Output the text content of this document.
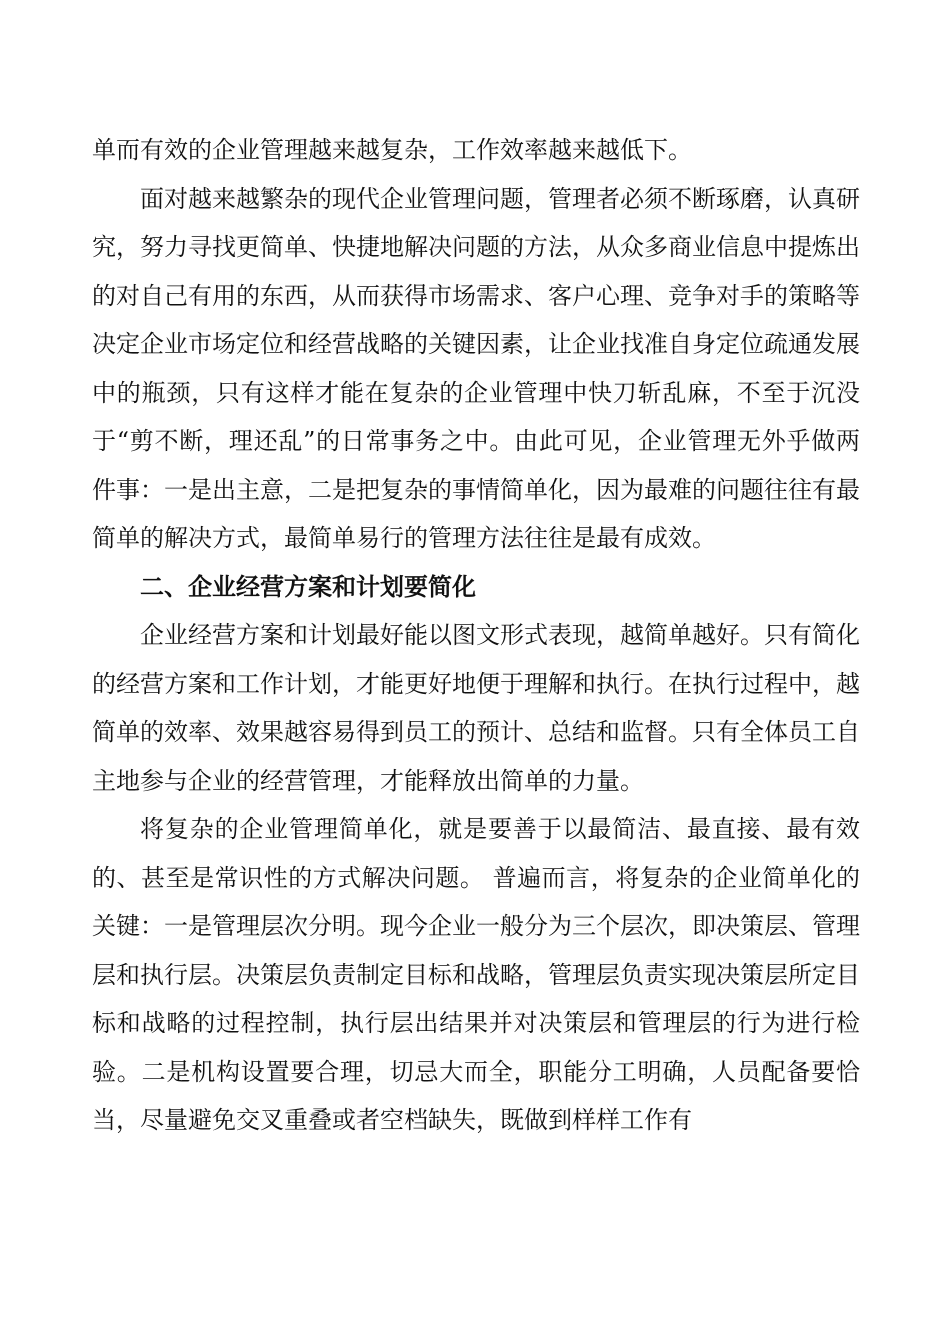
单而有效的企业管理越来越复杂，工作效率越来越低下。

面对越来越繁杂的现代企业管理问题，管理者必须不断琢磨，认真研究，努力寻找更简单、快捷地解决问题的方法，从众多商业信息中提炼出的对自己有用的东西，从而获得市场需求、客户心理、竞争对手的策略等决定企业市场定位和经营战略的关键因素，让企业找准自身定位疏通发展中的瓶颈，只有这样才能在复杂的企业管理中快刀斩乱麻，不至于沉没于“剪不断，理还乱”的日常事务之中。由此可见，企业管理无外乎做两件事：一是出主意，二是把复杂的事情简单化，因为最难的问题往往有最简单的解决方式，最简单易行的管理方法往往是最有成效。

二、企业经营方案和计划要简化

企业经营方案和计划最好能以图文形式表现，越简单越好。只有简化的经营方案和工作计划，才能更好地便于理解和执行。在执行过程中，越简单的效率、效果越容易得到员工的预计、总结和监督。只有全体员工自主地参与企业的经营管理，才能释放出简单的力量。

将复杂的企业管理简单化，就是要善于以最简洁、最直接、最有效的、甚至是常识性的方式解决问题。 普遍而言，将复杂的企业简单化的关键：一是管理层次分明。现今企业一般分为三个层次，即决策层、管理层和执行层。决策层负责制定目标和战略，管理层负责实现决策层所定目标和战略的过程控制，执行层出结果并对决策层和管理层的行为进行检验。二是机构设置要合理，切忌大而全，职能分工明确，人员配备要恰当，尽量避免交叉重叠或者空档缺失，既做到样样工作有
